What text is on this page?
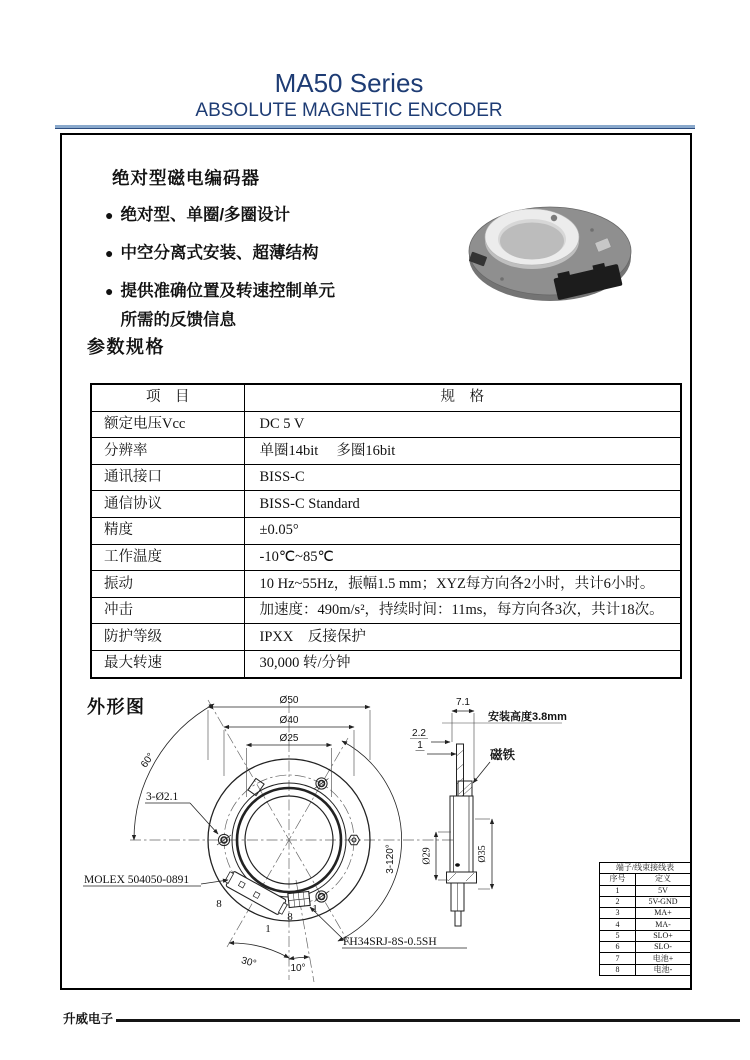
MA50 Series
ABSOLUTE MAGNETIC ENCODER
绝对型磁电编码器
● 绝对型、单圈/多圈设计
● 中空分离式安装、超薄结构
● 提供准确位置及转速控制单元所需的反馈信息
参数规格
项　目	规　格
额定电压Vcc	DC 5 V
分辨率	单圈14bit　 多圈16bit
通讯接口	BISS-C
通信协议	BISS-C Standard
精度	±0.05°
工作温度	-10℃~85℃
振动	10 Hz~55Hz，振幅1.5 mm；XYZ每方向各2小时，共计6小时。
冲击	加速度：490m/s²，持续时间：11ms，每方向各3次，共计18次。
防护等级	IPXX　反接保护
最大转速	30,000 转/分钟
外形图	Ø50
Ø40
Ø25
60°
3-120°
30°	10°
3-Ø2.1
MOLEX 504050-0891
FH34SRJ-8S-0.5SH
8
1
8
1
7.1
安装高度3.8mm
2.2
1
磁铁
Ø29	Ø35
端子/线束接线表	
序号	定义
1	5V
2	5V-GND
3	MA+
4	MA-
5	SLO+
6	SLO-
7	电池+
8	电池-
升威电子
